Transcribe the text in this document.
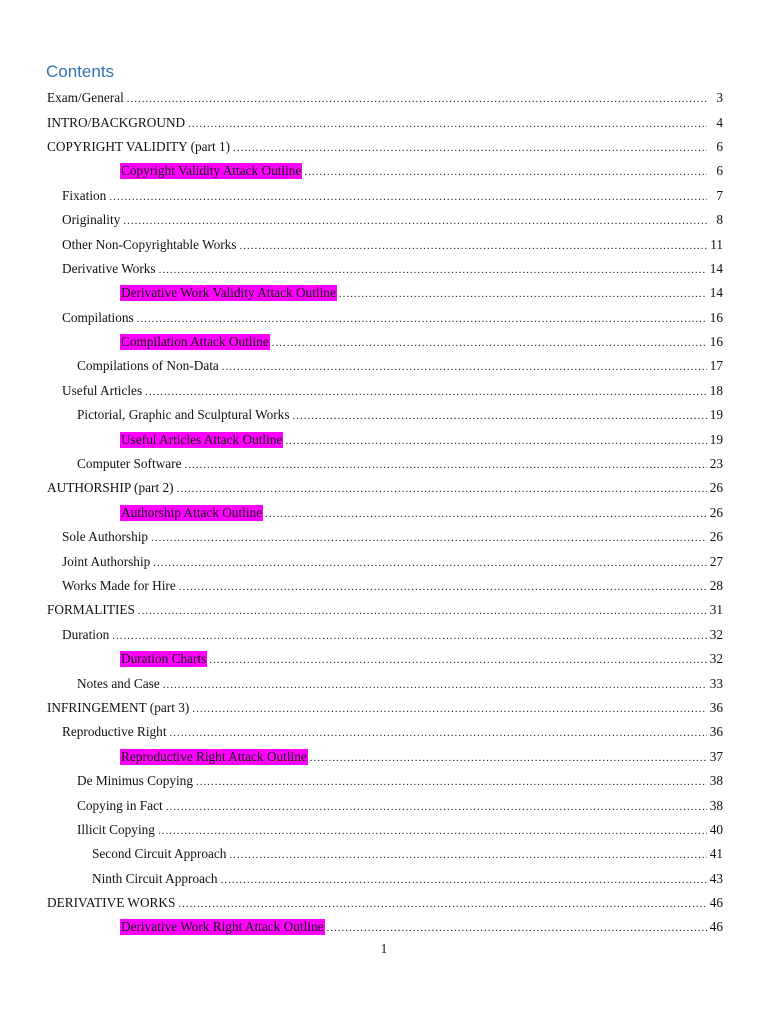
Contents
Exam/General .....	3
INTRO/BACKGROUND .....	4
COPYRIGHT VALIDITY (part 1) .....	6
Copyright Validity Attack Outline .....	6
Fixation .....	7
Originality .....	8
Other Non-Copyrightable Works .....	11
Derivative Works .....	14
Derivative Work Validity Attack Outline .....	14
Compilations .....	16
Compilation Attack Outline .....	16
Compilations of Non-Data .....	17
Useful Articles .....	18
Pictorial, Graphic and Sculptural Works .....	19
Useful Articles Attack Outline .....	19
Computer Software .....	23
AUTHORSHIP (part 2) .....	26
Authorship Attack Outline .....	26
Sole Authorship .....	26
Joint Authorship .....	27
Works Made for Hire .....	28
FORMALITIES .....	31
Duration .....	32
Duration Charts .....	32
Notes and Case .....	33
INFRINGEMENT (part 3) .....	36
Reproductive Right .....	36
Reproductive Right Attack Outline .....	37
De Minimus Copying .....	38
Copying in Fact .....	38
Illicit Copying .....	40
Second Circuit Approach .....	41
Ninth Circuit Approach .....	43
DERIVATIVE WORKS .....	46
Derivative Work Right Attack Outline .....	46
1
